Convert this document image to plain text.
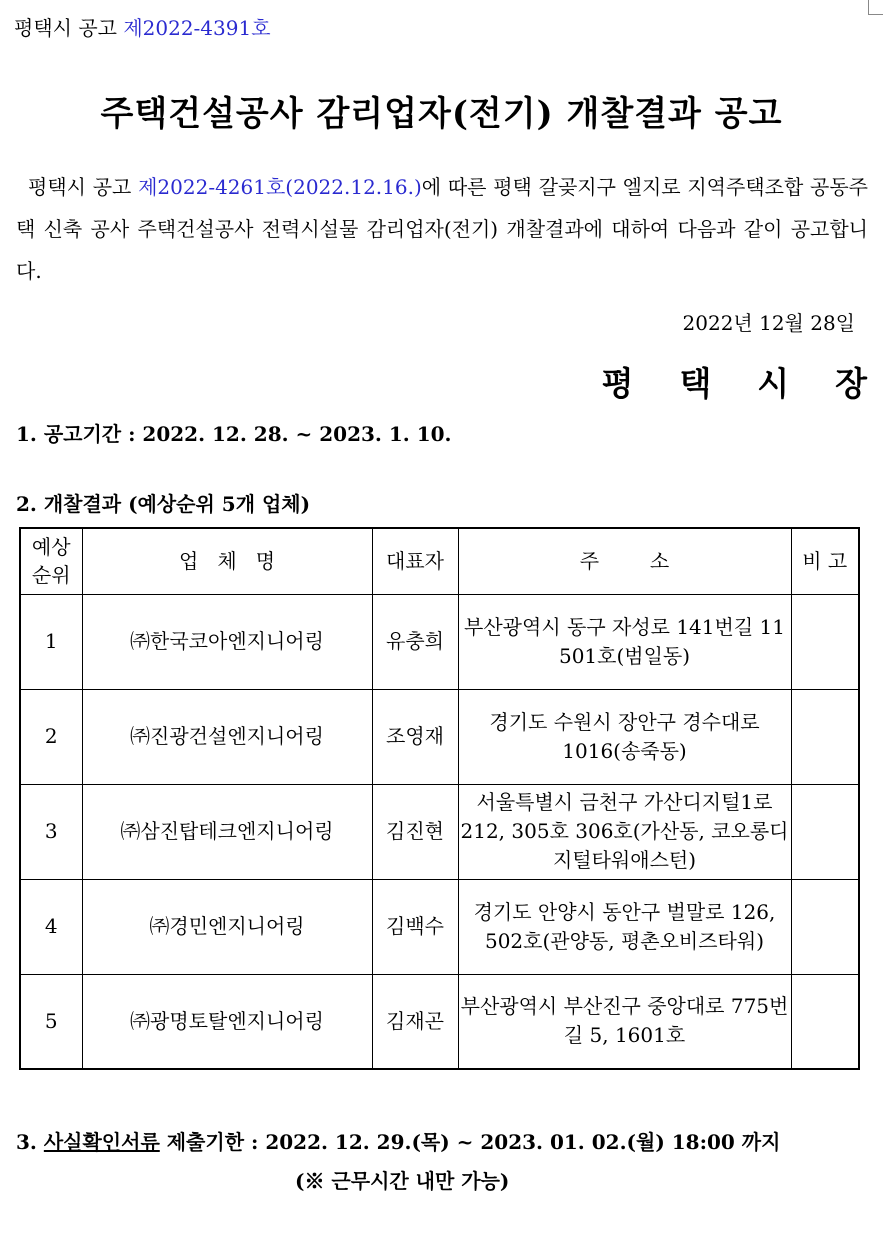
평택시 공고 제2022-4391호
주택건설공사 감리업자(전기) 개찰결과 공고
평택시 공고 제2022-4261호(2022.12.16.)에 따른 평택 갈곶지구 엘지로 지역주택조합 공동주택 신축 공사 주택건설공사 전력시설물 감리업자(전기) 개찰결과에 대하여 다음과 같이 공고합니다.
2022년 12월 28일
평    택    시    장
1. 공고기간 : 2022. 12. 28. ~ 2023. 1. 10.
2. 개찰결과 (예상순위 5개 업체)
예상
순위	업   체   명	대표자	주        소	비 고
1	㈜한국코아엔지니어링	유충희	부산광역시 동구 자성로 141번길 11 501호(범일동)	
2	㈜진광건설엔지니어링	조영재	경기도 수원시 장안구 경수대로 1016(송죽동)	
3	㈜삼진탑테크엔지니어링	김진현	서울특별시 금천구 가산디지털1로 212, 305호 306호(가산동, 코오롱디지털타워애스턴)	
4	㈜경민엔지니어링	김백수	경기도 안양시 동안구 벌말로 126, 502호(관양동, 평촌오비즈타워)	
5	㈜광명토탈엔지니어링	김재곤	부산광역시 부산진구 중앙대로 775번길 5, 1601호	
3. 사실확인서류 제출기한 : 2022. 12. 29.(목) ~ 2023. 01. 02.(월) 18:00 까지
(※ 근무시간 내만 가능)
